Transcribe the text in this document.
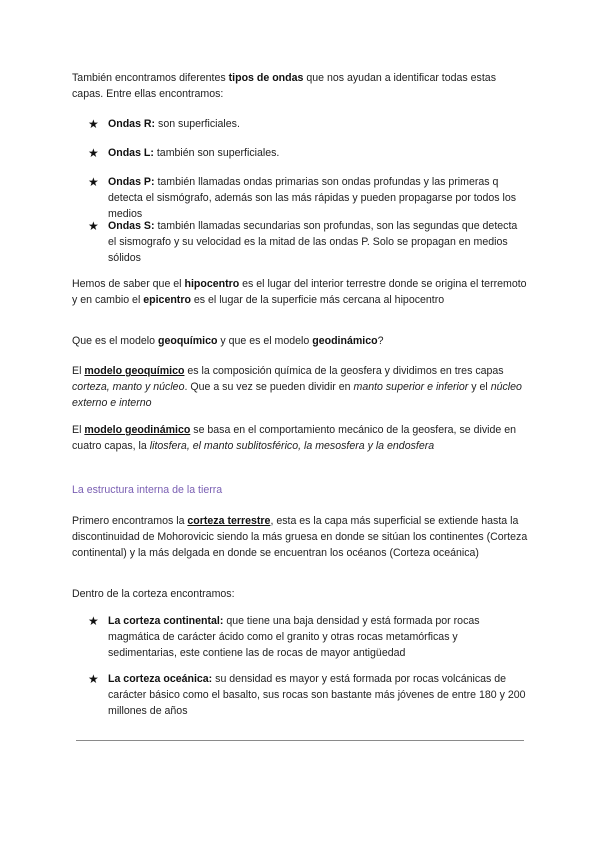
También encontramos diferentes tipos de ondas que nos ayudan a identificar todas estas capas. Entre ellas encontramos:

★ Ondas R: son superficiales.

★ Ondas L: también son superficiales.

★ Ondas P: también llamadas ondas primarias son ondas profundas y las primeras q detecta el sismógrafo, además son las más rápidas y pueden propagarse por todos los medios

★ Ondas S: también llamadas secundarias son profundas, son las segundas que detecta el sismografo y su velocidad es la mitad de las ondas P. Solo se propagan en medios sólidos

Hemos de saber que el hipocentro es el lugar del interior terrestre donde se origina el terremoto y en cambio el epicentro es el lugar de la superficie más cercana al hipocentro

Que es el modelo geoquímico y que es el modelo geodinámico?

El modelo geoquímico es la composición química de la geosfera y dividimos en tres capas corteza, manto y núcleo. Que a su vez se pueden dividir en manto superior e inferior y el núcleo externo e interno

El modelo geodinámico se basa en el comportamiento mecánico de la geosfera, se divide en cuatro capas, la litosfera, el manto sublitosférico, la mesosfera y la endosfera

La estructura interna de la tierra

Primero encontramos la corteza terrestre, esta es la capa más superficial se extiende hasta la discontinuidad de Mohorovicic siendo la más gruesa en donde se sitúan los continentes (Corteza continental) y la más delgada en donde se encuentran los océanos (Corteza oceánica)

Dentro de la corteza encontramos:

★ La corteza continental: que tiene una baja densidad y está formada por rocas magmática de carácter ácido como el granito y otras rocas metamórficas y sedimentarias, este contiene las de rocas de mayor antigüedad

★ La corteza oceánica: su densidad es mayor y está formada por rocas volcánicas de carácter básico como el basalto, sus rocas son bastante más jóvenes de entre 180 y 200 millones de años
